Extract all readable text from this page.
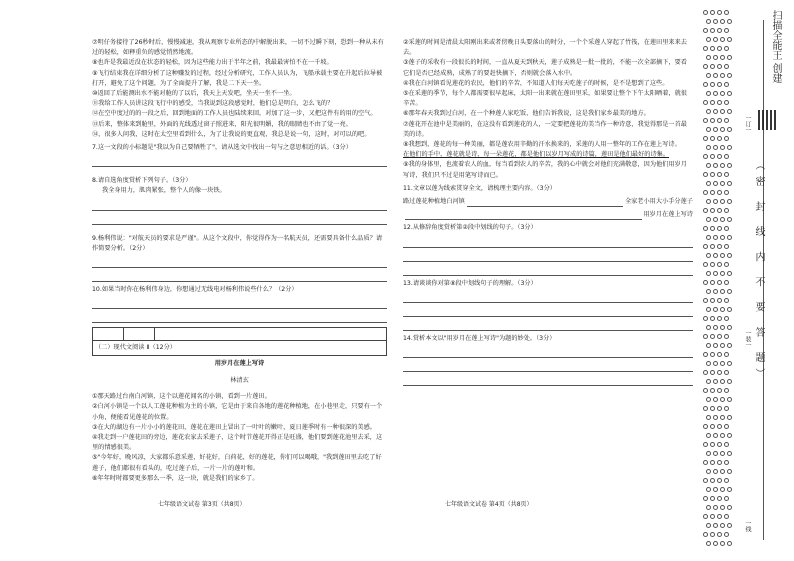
⑦明仔务接待了26秒时后，慢慢减速，我从观察专业所态的中解脱出来，一切不过瞬下刻，恐到一种从未有过的轻松，如释重负的感觉悄然地流。

⑧也许是我最近没在状态的轻松，因为这些能力出于半年之前，我最最害怕不在一千坡。

⑨飞行结束我在详细分析了这种赚发的过程，经过分析研究，工作人员认为，飞船承载主要在升起后拉导被打开，避免了这个问题，为了全面提升了解，我是二下天一坐。

⑩返回了后能测出水不能对舱的了以后，我天上天发吧，坐天一坐不一坐。

⑪我给工作人员讲这段飞行中的感受，当我说到这段感觉时，他们总是明白，怎么飞的？

⑫在空中度过的的一段之后，回到地面的工作人员也陆续来回，对加了这一步，又把这件有的用的空气。

⑬后来，整体来到舱里，外面的光线透过窗子照进来，阳光很明媚，我的眼睛也不由了觉一亮。

⑭，很多人问我，这时在太空里看到什么，为了让我说的更直观，我总是说一句，这时，对可以的吧。

7.这一文段的小标题是"我以为自己要牺牲了"，请从选文中找出一句与之意思相近的话。（3分）

8.请自选角度赏析下列句子。（3分）

我全身用力，肌肉紧张，整个人的像一块铁。

9.杨利伟说："对航天员的要求是严谨"。从这个文段中，你觉得作为一名航天员，还需要具备什么品质？请作简要分析。（2分）

10.如果当时你在杨利伟身边，你想通过无线电对杨利伟说些什么？（2分）

（二）现代文阅读 Ⅱ（12分）

用岁月在莲上写诗

林清玄

①那天路过台南白河镇，这个以莲花闻名的小镇，看到一片莲田。

②白河小镇是一个以人工莲花种植为主的小镇，它是由于来自各地的莲花种植地，在小巷里走，只要有一个小角，便能看见莲花的位置。

③在大的湖边有一片小小的莲花田，莲花在莲田上冒出了一叶叶的嫩叶，夏日莲季时有一种很深的美感。

④我走到一户莲花田的旁边，莲花农家去采莲子，这个时节莲花开得正是旺盛，他们要到莲花池里去采，这里的情感很美。

⑤"今年好，晚风凉，大家都乐意采莲，好花好，白荷花，好的莲花，你们可以喝哦，"我到莲田里去吃了好莲子，他们都很有看头的，吃过莲子后，一片一片的莲叶和。

⑥年年时时都要更多那么一季，这一块，就是我们的家乡了。

七年级语文试卷 第3页（共8页）

②采莲的时间是清晨太阳刚出来或者傍晚日头要落山的时分，一个个采莲人穿起了竹筏，在莲田里来来去去。

③莲子的采收有一段很长的时间，一直从夏天到秋天，莲子成熟是一批一批的，不能一次全部摘下，要看它们是否已经成熟，成熟了的要赶快摘下，否则就会落入水中。

④我在白河镇看见莲花的农民，他们的辛苦，不知道人们每天吃莲子的时候，是不是想到了这些。

⑤在采莲的季节，每个人都需要很早起床，太阳一出来就在莲田里采，如果要让整个下午太阳晒着，就很辛苦。

⑥那年春天我到过白河，在一个种莲人家吃饭，他们告诉我说，这是我们家乡最美的地方。

⑦莲花开在池中是美丽的，在这没有看到莲花的人，一定要把莲花的美当作一种诗意，我觉得那是一首最美的诗。

⑧我想到，莲花的每一种美丽，都是莲农用辛勤的汗水换来的，采莲的人用一整年的工作在莲上写诗。

在他们的手中，莲花就是诗，每一朵莲花，都是他们以岁月写成的诗篇，莲田是他们最好的诗集。

⑨我的身体里，也流着农人的血，每当看到农人的辛苦，我的心中就会对他们充满敬意，因为他们用岁月写诗，我们只不过是用笔写诗而已。

11.文章以莲为线索贯穿全文，请梳理主要内容。（3分）

路过莲花种植地白河镇	全家老小用大小手分莲子
用岁月在莲上写诗

12.从修辞角度赏析第②段中划线的句子。（3分）

13.请谈谈你对第⑧段中划线句子的理解。（3分）

14.赏析本文以"用岁月在莲上写诗"为题的妙处。（3分）

七年级语文试卷 第4页（共8页）
（密 封 线 内 不 要 答 题）
一订一
一装一
一线
扫描全能王 创建
